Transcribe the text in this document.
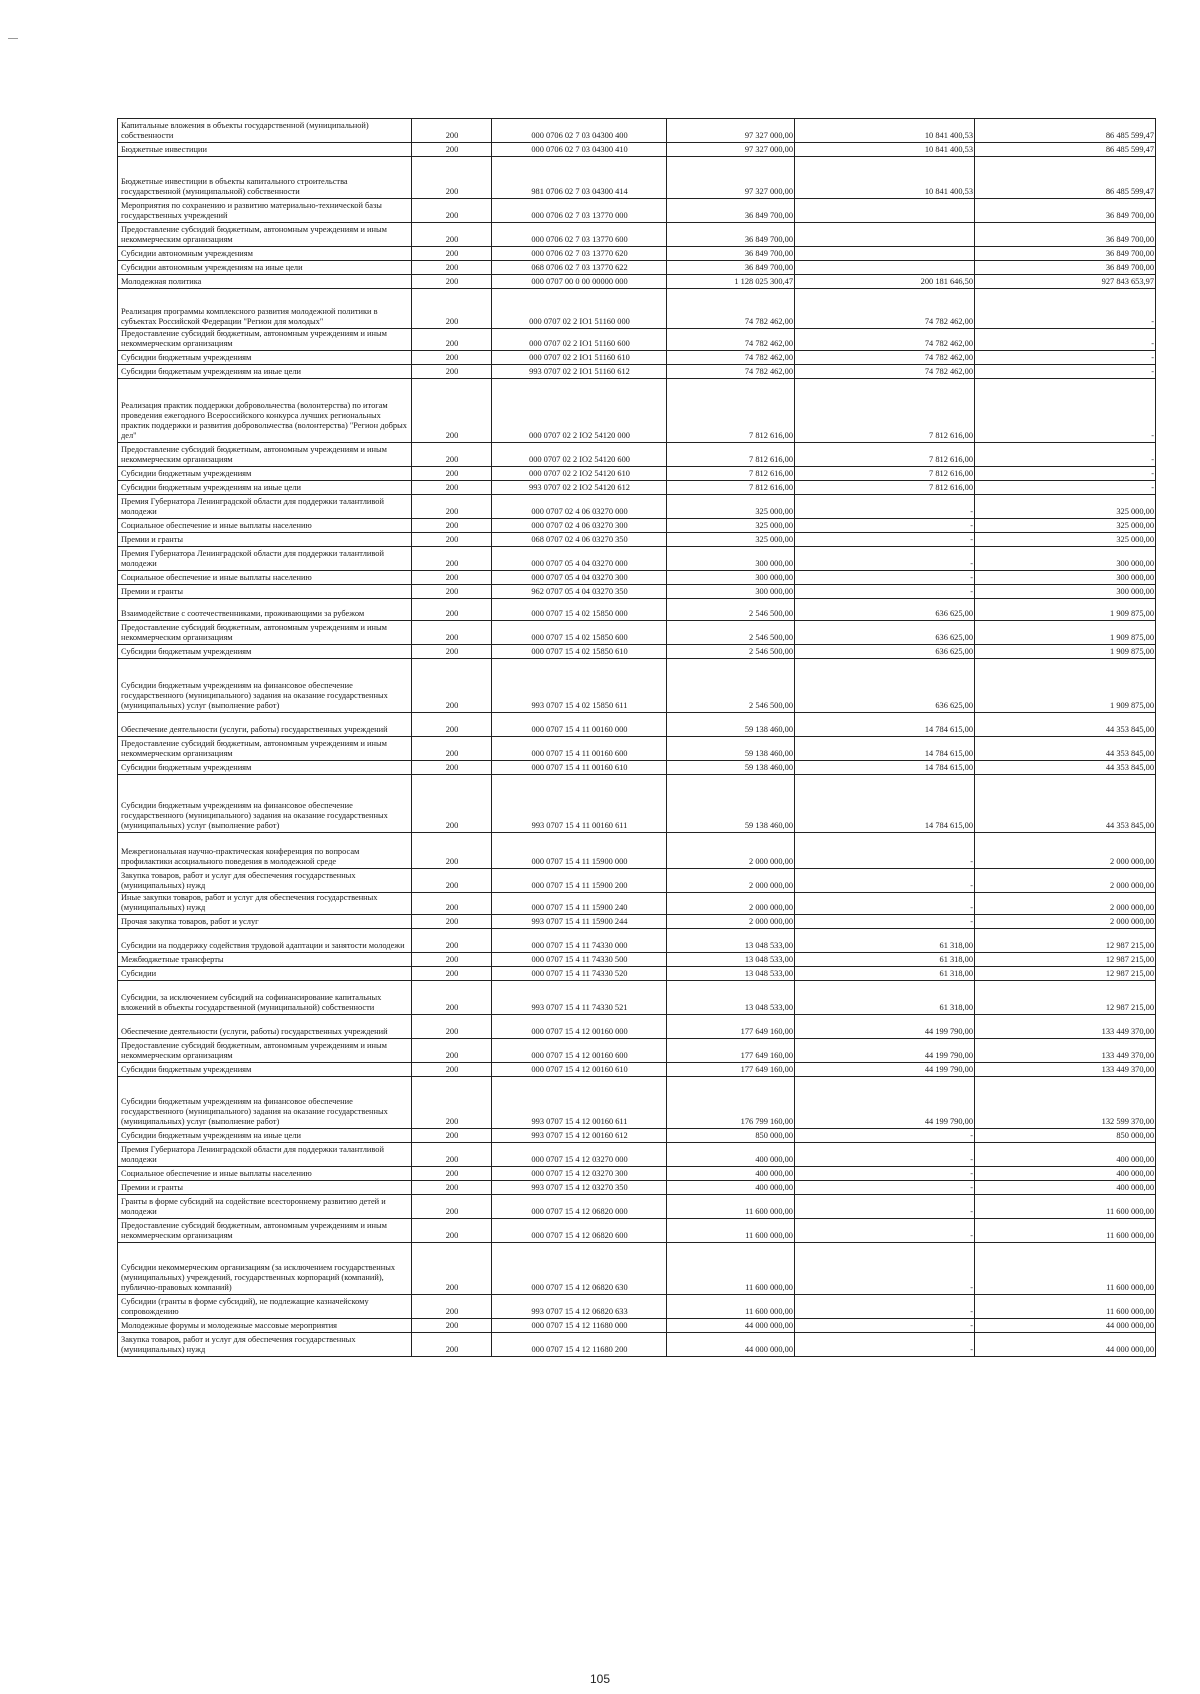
Капитальные вложения в объекты государственной (муниципальной) собственности	200	000 0706 02 7 03 04300 400	97 327 000,00	10 841 400,53	86 485 599,47
Бюджетные инвестиции	200	000 0706 02 7 03 04300 410	97 327 000,00	10 841 400,53	86 485 599,47
Бюджетные инвестиции в объекты капитального строительства государственной (муниципальной) собственности	200	981 0706 02 7 03 04300 414	97 327 000,00	10 841 400,53	86 485 599,47
Мероприятия по сохранению и развитию материально-технической базы государственных учреждений	200	000 0706 02 7 03 13770 000	36 849 700,00		36 849 700,00
Предоставление субсидий бюджетным, автономным учреждениям и иным некоммерческим организациям	200	000 0706 02 7 03 13770 600	36 849 700,00		36 849 700,00
Субсидии автономным учреждениям	200	000 0706 02 7 03 13770 620	36 849 700,00		36 849 700,00
Субсидии автономным учреждениям на иные цели	200	068 0706 02 7 03 13770 622	36 849 700,00		36 849 700,00
Молодежная политика	200	000 0707 00 0 00 00000 000	1 128 025 300,47	200 181 646,50	927 843 653,97
Реализация программы комплексного развития молодежной политики в субъектах Российской Федерации "Регион для молодых"	200	000 0707 02 2 IO1 51160 000	74 782 462,00	74 782 462,00	-
Предоставление субсидий бюджетным, автономным учреждениям и иным некоммерческим организациям	200	000 0707 02 2 IO1 51160 600	74 782 462,00	74 782 462,00	-
Субсидии бюджетным учреждениям	200	000 0707 02 2 IO1 51160 610	74 782 462,00	74 782 462,00	-
Субсидии бюджетным учреждениям на иные цели	200	993 0707 02 2 IO1 51160 612	74 782 462,00	74 782 462,00	-
Реализация практик поддержки добровольчества (волонтерства) по итогам проведения ежегодного Всероссийского конкурса лучших региональных практик поддержки и развития добровольчества (волонтерства) "Регион добрых дел"	200	000 0707 02 2 IO2 54120 000	7 812 616,00	7 812 616,00	-
Предоставление субсидий бюджетным, автономным учреждениям и иным некоммерческим организациям	200	000 0707 02 2 IO2 54120 600	7 812 616,00	7 812 616,00	-
Субсидии бюджетным учреждениям	200	000 0707 02 2 IO2 54120 610	7 812 616,00	7 812 616,00	-
Субсидии бюджетным учреждениям на иные цели	200	993 0707 02 2 IO2 54120 612	7 812 616,00	7 812 616,00	-
Премия Губернатора Ленинградской области для поддержки талантливой молодежи	200	000 0707 02 4 06 03270 000	325 000,00	-	325 000,00
Социальное обеспечение и иные выплаты населению	200	000 0707 02 4 06 03270 300	325 000,00	-	325 000,00
Премии и гранты	200	068 0707 02 4 06 03270 350	325 000,00	-	325 000,00
Премия Губернатора Ленинградской области для поддержки талантливой молодежи	200	000 0707 05 4 04 03270 000	300 000,00	-	300 000,00
Социальное обеспечение и иные выплаты населению	200	000 0707 05 4 04 03270 300	300 000,00	-	300 000,00
Премии и гранты	200	962 0707 05 4 04 03270 350	300 000,00	-	300 000,00
Взаимодействие с соотечественниками, проживающими за рубежом	200	000 0707 15 4 02 15850 000	2 546 500,00	636 625,00	1 909 875,00
Предоставление субсидий бюджетным, автономным учреждениям и иным некоммерческим организациям	200	000 0707 15 4 02 15850 600	2 546 500,00	636 625,00	1 909 875,00
Субсидии бюджетным учреждениям	200	000 0707 15 4 02 15850 610	2 546 500,00	636 625,00	1 909 875,00
Субсидии бюджетным учреждениям на финансовое обеспечение государственного (муниципального) задания на оказание государственных (муниципальных) услуг (выполнение работ)	200	993 0707 15 4 02 15850 611	2 546 500,00	636 625,00	1 909 875,00
Обеспечение деятельности (услуги, работы) государственных учреждений	200	000 0707 15 4 11 00160 000	59 138 460,00	14 784 615,00	44 353 845,00
Предоставление субсидий бюджетным, автономным учреждениям и иным некоммерческим организациям	200	000 0707 15 4 11 00160 600	59 138 460,00	14 784 615,00	44 353 845,00
Субсидии бюджетным учреждениям	200	000 0707 15 4 11 00160 610	59 138 460,00	14 784 615,00	44 353 845,00
Субсидии бюджетным учреждениям на финансовое обеспечение государственного (муниципального) задания на оказание государственных (муниципальных) услуг (выполнение работ)	200	993 0707 15 4 11 00160 611	59 138 460,00	14 784 615,00	44 353 845,00
Межрегиональная научно-практическая конференция по вопросам профилактики асоциального поведения в молодежной среде	200	000 0707 15 4 11 15900 000	2 000 000,00	-	2 000 000,00
Закупка товаров, работ и услуг для обеспечения государственных (муниципальных) нужд	200	000 0707 15 4 11 15900 200	2 000 000,00	-	2 000 000,00
Иные закупки товаров, работ и услуг для обеспечения государственных (муниципальных) нужд	200	000 0707 15 4 11 15900 240	2 000 000,00	-	2 000 000,00
Прочая закупка товаров, работ и услуг	200	993 0707 15 4 11 15900 244	2 000 000,00	-	2 000 000,00
Субсидии на поддержку содействия трудовой адаптации и занятости молодежи	200	000 0707 15 4 11 74330 000	13 048 533,00	61 318,00	12 987 215,00
Межбюджетные трансферты	200	000 0707 15 4 11 74330 500	13 048 533,00	61 318,00	12 987 215,00
Субсидии	200	000 0707 15 4 11 74330 520	13 048 533,00	61 318,00	12 987 215,00
Субсидии, за исключением субсидий на софинансирование капитальных вложений в объекты государственной (муниципальной) собственности	200	993 0707 15 4 11 74330 521	13 048 533,00	61 318,00	12 987 215,00
Обеспечение деятельности (услуги, работы) государственных учреждений	200	000 0707 15 4 12 00160 000	177 649 160,00	44 199 790,00	133 449 370,00
Предоставление субсидий бюджетным, автономным учреждениям и иным некоммерческим организациям	200	000 0707 15 4 12 00160 600	177 649 160,00	44 199 790,00	133 449 370,00
Субсидии бюджетным учреждениям	200	000 0707 15 4 12 00160 610	177 649 160,00	44 199 790,00	133 449 370,00
Субсидии бюджетным учреждениям на финансовое обеспечение государственного (муниципального) задания на оказание государственных (муниципальных) услуг (выполнение работ)	200	993 0707 15 4 12 00160 611	176 799 160,00	44 199 790,00	132 599 370,00
Субсидии бюджетным учреждениям на иные цели	200	993 0707 15 4 12 00160 612	850 000,00	-	850 000,00
Премия Губернатора Ленинградской области для поддержки талантливой молодежи	200	000 0707 15 4 12 03270 000	400 000,00	-	400 000,00
Социальное обеспечение и иные выплаты населению	200	000 0707 15 4 12 03270 300	400 000,00	-	400 000,00
Премии и гранты	200	993 0707 15 4 12 03270 350	400 000,00	-	400 000,00
Гранты в форме субсидий на содействие всестороннему развитию детей и молодежи	200	000 0707 15 4 12 06820 000	11 600 000,00	-	11 600 000,00
Предоставление субсидий бюджетным, автономным учреждениям и иным некоммерческим организациям	200	000 0707 15 4 12 06820 600	11 600 000,00	-	11 600 000,00
Субсидии некоммерческим организациям (за исключением государственных (муниципальных) учреждений, государственных корпораций (компаний), публично-правовых компаний)	200	000 0707 15 4 12 06820 630	11 600 000,00	-	11 600 000,00
Субсидии (гранты в форме субсидий), не подлежащие казначейскому сопровождению	200	993 0707 15 4 12 06820 633	11 600 000,00	-	11 600 000,00
Молодежные форумы и молодежные массовые мероприятия	200	000 0707 15 4 12 11680 000	44 000 000,00	-	44 000 000,00
Закупка товаров, работ и услуг для обеспечения государственных (муниципальных) нужд	200	000 0707 15 4 12 11680 200	44 000 000,00	-	44 000 000,00
105
